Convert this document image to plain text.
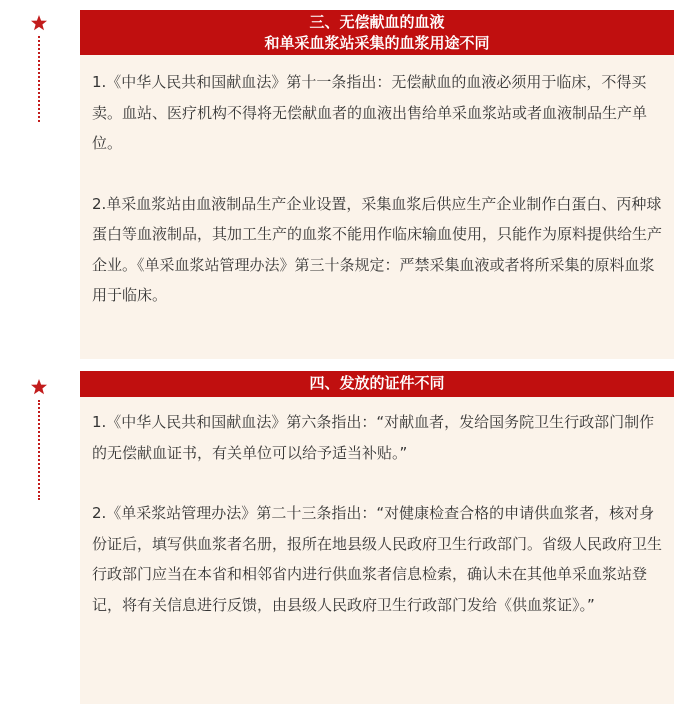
三、无偿献血的血液
和单采血浆站采集的血浆用途不同

1.《中华人民共和国献血法》第十一条指出：无偿献血的血液必须用于临床，不得买卖。血站、医疗机构不得将无偿献血者的血液出售给单采血浆站或者血液制品生产单位。

2.单采血浆站由血液制品生产企业设置，采集血浆后供应生产企业制作白蛋白、丙种球蛋白等血液制品，其加工生产的血浆不能用作临床输血使用，只能作为原料提供给生产企业。《单采血浆站管理办法》第三十条规定：严禁采集血液或者将所采集的原料血浆用于临床。

四、发放的证件不同

1.《中华人民共和国献血法》第六条指出：“对献血者，发给国务院卫生行政部门制作的无偿献血证书，有关单位可以给予适当补贴。”

2.《单采浆站管理办法》第二十三条指出：“对健康检查合格的申请供血浆者，核对身份证后，填写供血浆者名册，报所在地县级人民政府卫生行政部门。省级人民政府卫生行政部门应当在本省和相邻省内进行供血浆者信息检索，确认未在其他单采血浆站登记，将有关信息进行反馈，由县级人民政府卫生行政部门发给《供血浆证》。”
